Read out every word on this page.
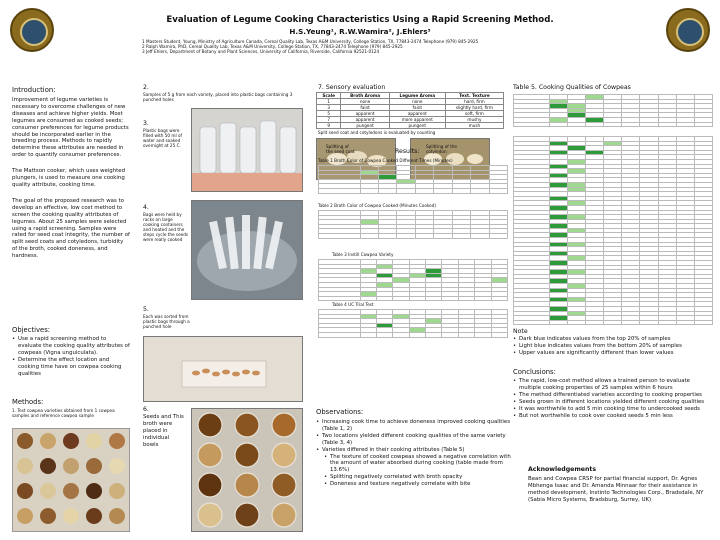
Evaluation of Legume Cooking Characteristics Using a Rapid Screening Method.
H.S.Yeung¹, R.W.Wamira², J.Ehlers³
1 Masters Student, Young, Ministry of Agriculture Canada, Cereal Quality Lab, Texas A&M University, College Station, TX, 77843-2474 Telephone (979) 845-2925
2 Ralph Wamira, PhD, Cereal Quality Lab, Texas A&M University, College Station, TX, 77843-2474 Telephone (979) 845-2925
3 Jeff Ehlers, Department of Botany and Plant Sciences, University of California, Riverside, California 92521-0124
Introduction:
Improvement of legume varieties is necessary to overcome challenges of new diseases and achieve higher yields. Most legumes are consumed as cooked seeds; consumer preferences for legume products should be incorporated earlier in the breeding process. Methods to rapidly determine these attributes are needed in order to quantify consumer preferences.
The Mattson cooker, which uses weighted plungers, is used to measure one cooking quality attribute, cooking time.
The goal of the proposed research was to develop an effective, low cost method to screen the cooking quality attributes of legumes. About 25 samples were selected using a rapid screening. Samples were rated for seed coat integrity, the number of split seed coats and cotyledons, turbidity of the broth, cooked doneness, and hardness.
Objectives:
• Use a rapid screening method to evaluate the cooking quality attributes of cowpeas (Vigna unguiculata).
• Determine the effect location and cooking time have on cowpea cooking qualities
Methods:
1. Test cowpea varieties obtained from 1 cowpea samples and reference cowpea sample
2.
Samples of 5 g from each variety, placed into plastic bags containing 3 punched holes
3.
Plastic bags were filled with 50 ml of water and soaked overnight at 25 C.
4.
Bags were held by racks on large cooking containers and heated and the steps cycle the seeds were really cooked
5.
Each was sorted from plastic bags through a punched hole
6.
Seeds and This broth were placed in individual bowls
7. Sensory evaluation
Scale	Broth Aroma	Legume Aroma	Text. Texture
1	none	none	hard, firm
3	faint	faint	slightly hard, firm
5	apparent	apparent	soft, firm
7	apparent	more apparent	mushy
9	pungent	pungent	mush
Split seed coat and cotyledons is evaluated by counting
Splitting of the seed coat
Splitting of the cotyledon
Results:
Table 1 Broth Color of Cowpea Cooked Different Times (Minutes)

Table 2 Broth Color of Cowpea Cooked (Minutes Cooked)

Table 3 Instill Cowpea Variety

Table 4 UC Trial Test

Observations:
• Increasing cook time to achieve doneness improved cooking qualities (Table 1, 2)
• Two locations yielded different cooking qualities of the same variety (Table 3, 4)
• Varieties differed in their cooking attributes (Table 5)
• The texture of cooked cowpeas showed a negative correlation with the amount of water absorbed during cooking (table made from 13.6%)
• Splitting negatively correlated with broth opacity
• Doneness and texture negatively correlate with bite
Table 5. Cooking Qualities of Cowpeas

Note
• Dark blue indicates values from the top 20% of samples
• Light blue indicates values from the bottom 20% of samples
• Upper values are significantly different than lower values
Conclusions:
• The rapid, low-cost method allows a trained person to evaluate multiple cooking properties of 25 samples within 6 hours
• The method differentiated varieties according to cooking properties
• Seeds grown in different locations yielded different cooking qualities
• It was worthwhile to add 5 min cooking time to undercooked seeds
• But not worthwhile to cook over cooked seeds 5 min less
Acknowledgements
Bean and Cowpea CRSP for partial financial support, Dr. Agnes Mbhenga Isaac and Dr. Amanda Minnaar for their assistance in method development, Instinto Technologies Corp., Bradsdale, NY (Sabia Micro Systems, Bradsburg, Surrey, UK)
